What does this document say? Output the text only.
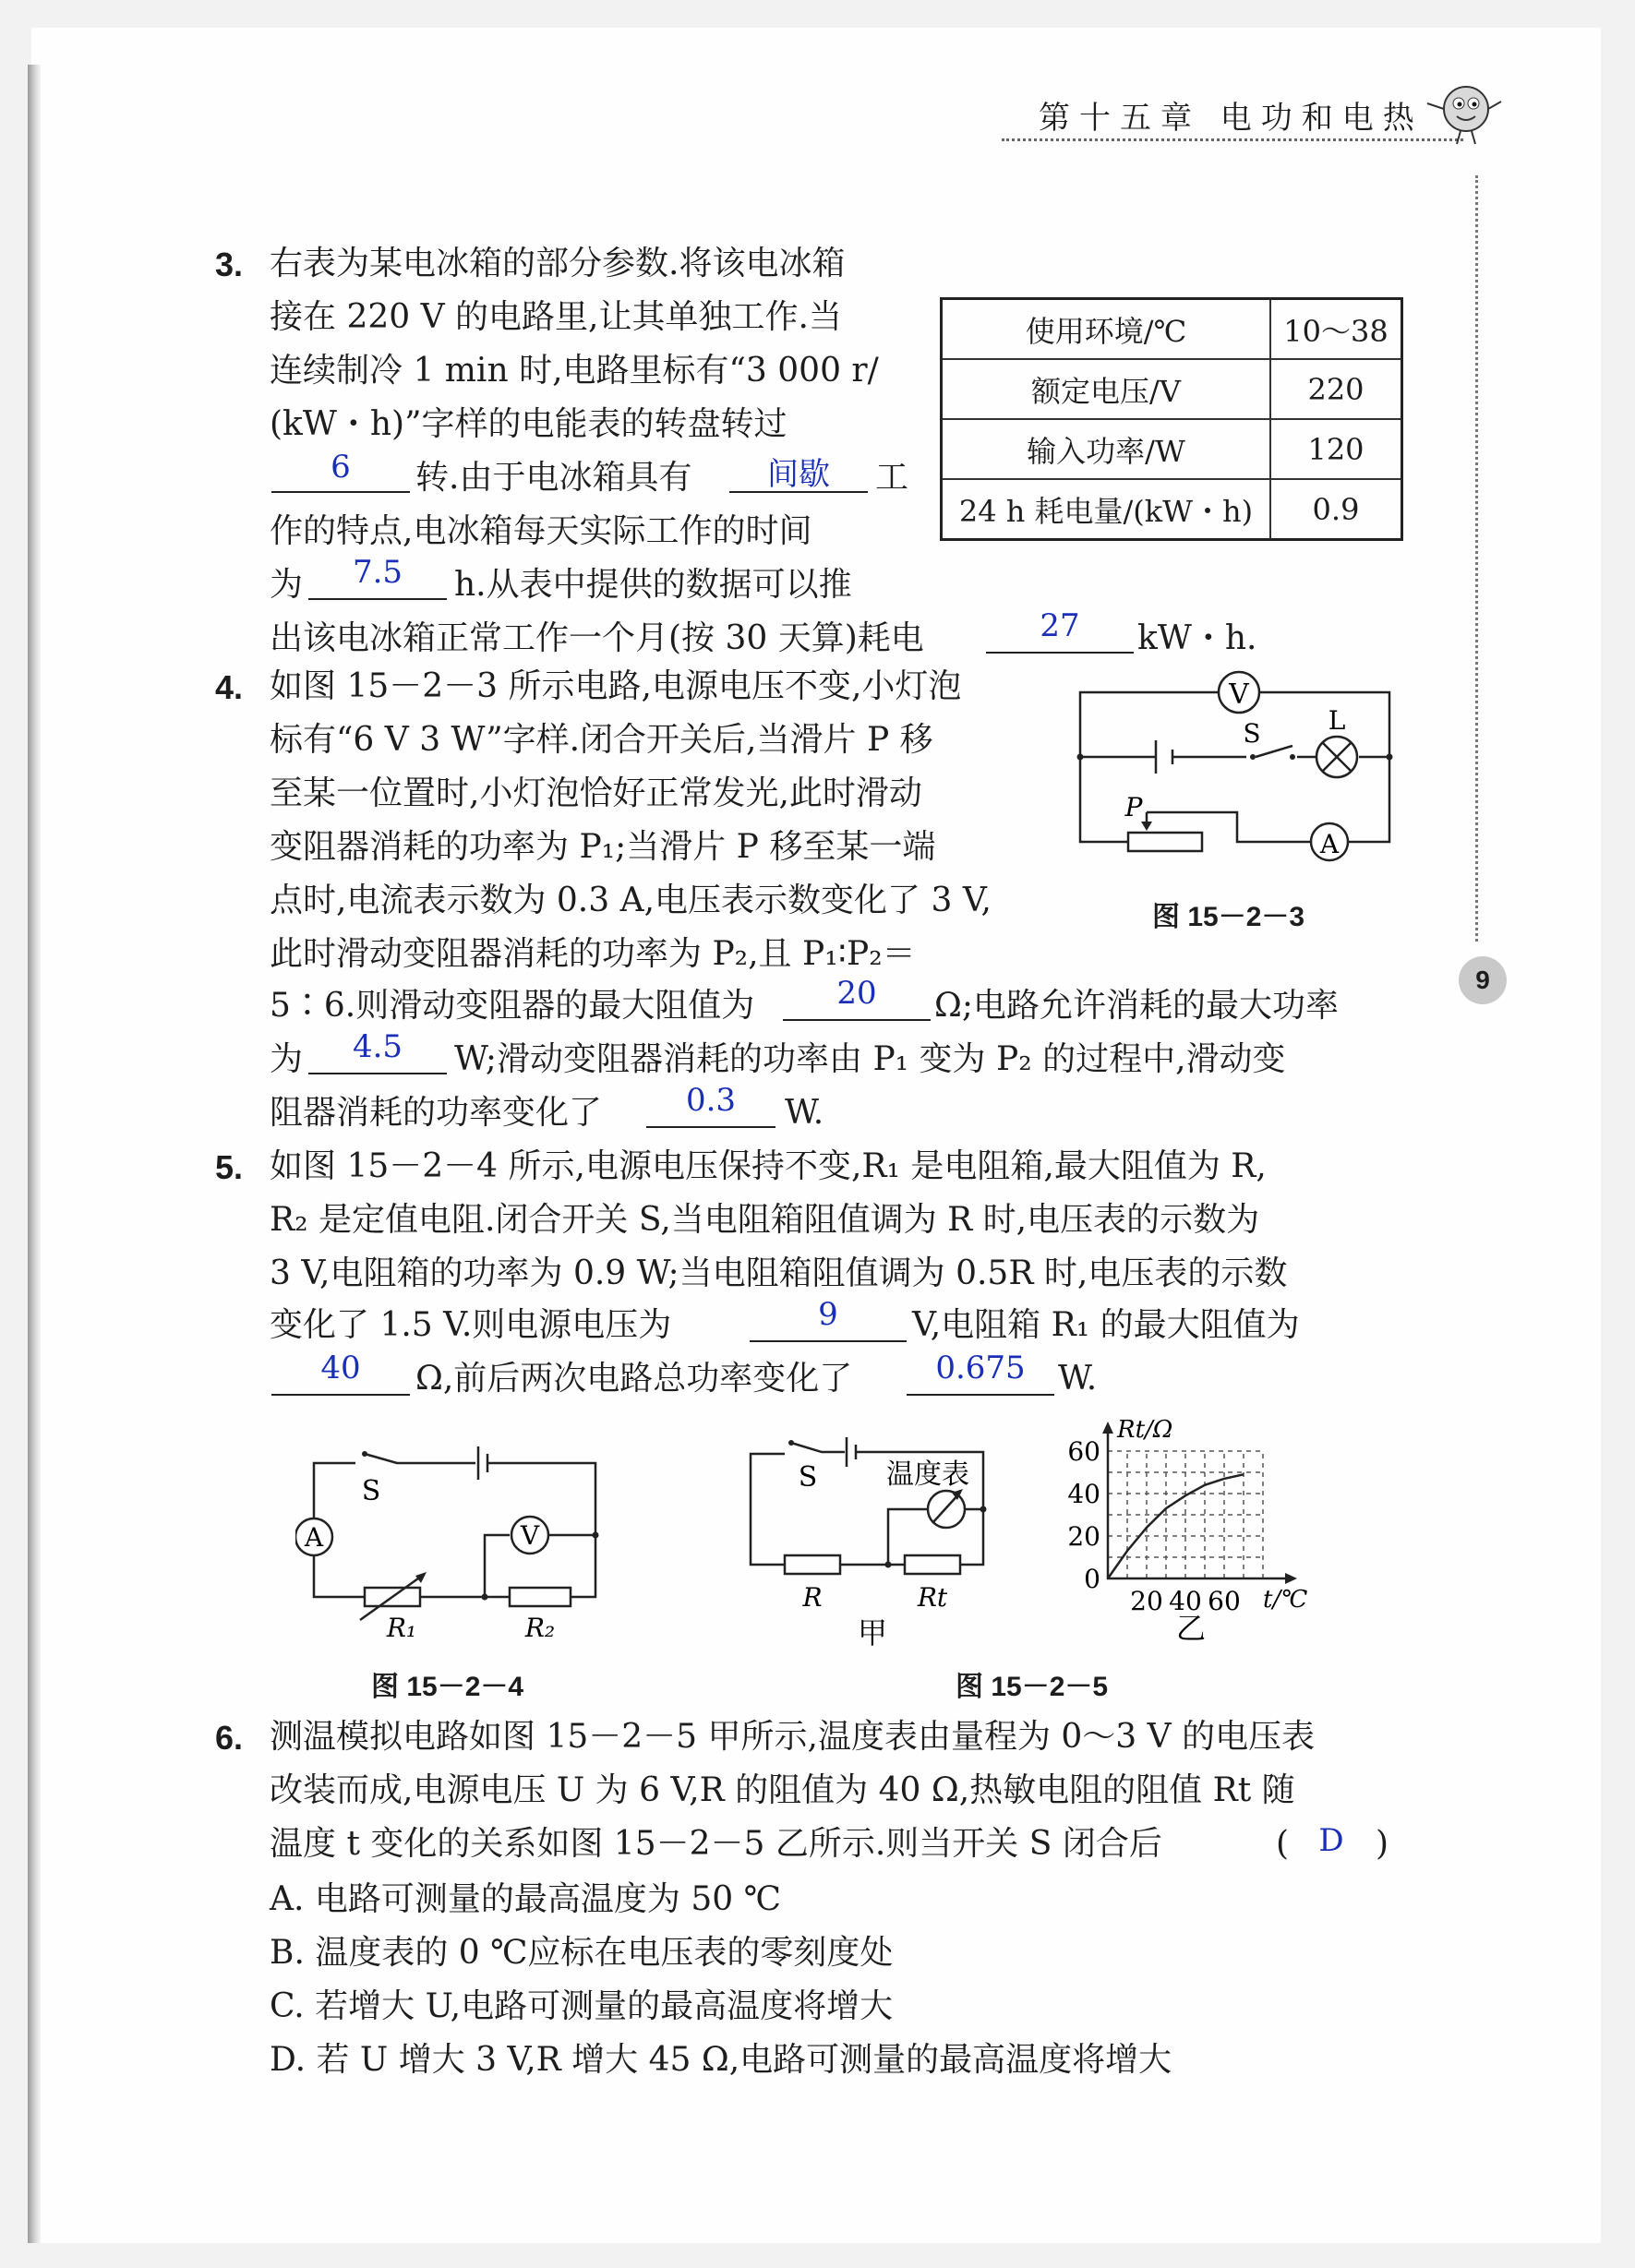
第十五章 电功和电热
9
3. 右表为某电冰箱的部分参数.将该电冰箱
接在 220 V 的电路里,让其单独工作.当
连续制冷 1 min 时,电路里标有“3 000 r/
(kW・h)”字样的电能表的转盘转过
6	转.由于电冰箱具有	间歇	工
作的特点,电冰箱每天实际工作的时间
为	7.5	h.从表中提供的数据可以推
出该电冰箱正常工作一个月(按 30 天算)耗电	27	kW・h.
使用环境/℃	10～38
额定电压/V	220
输入功率/W	120
24 h 耗电量/(kW・h)	0.9
4. 如图 15－2－3 所示电路,电源电压不变,小灯泡
标有“6 V 3 W”字样.闭合开关后,当滑片 P 移
至某一位置时,小灯泡恰好正常发光,此时滑动
变阻器消耗的功率为 P₁;当滑片 P 移至某一端
点时,电流表示数为 0.3 A,电压表示数变化了 3 V,
此时滑动变阻器消耗的功率为 P₂,且 P₁∶P₂＝
5∶6.则滑动变阻器的最大阻值为	20	Ω;电路允许消耗的最大功率
为	4.5	W;滑动变阻器消耗的功率由 P₁ 变为 P₂ 的过程中,滑动变
阻器消耗的功率变化了	0.3	W.
V
A
S	L
P
图 15－2－3
5. 如图 15－2－4 所示,电源电压保持不变,R₁ 是电阻箱,最大阻值为 R,
R₂ 是定值电阻.闭合开关 S,当电阻箱阻值调为 R 时,电压表的示数为
3 V,电阻箱的功率为 0.9 W;当电阻箱阻值调为 0.5R 时,电压表的示数
变化了 1.5 V.则电源电压为	9	V,电阻箱 R₁ 的最大阻值为
40	Ω,前后两次电路总功率变化了	0.675 W.
A	V
S
R₁	R₂
图 15－2－4
S 温度表
R	Rt
甲
Rt/Ω
t/℃
60
40
20
0
20 40 60
乙
图 15－2－5
6. 测温模拟电路如图 15－2－5 甲所示,温度表由量程为 0～3 V 的电压表
改装而成,电源电压 U 为 6 V,R 的阻值为 40 Ω,热敏电阻的阻值 Rt 随
温度 t 变化的关系如图 15－2－5 乙所示.则当开关 S 闭合后	( D )
A. 电路可测量的最高温度为 50 ℃
B. 温度表的 0 ℃应标在电压表的零刻度处
C. 若增大 U,电路可测量的最高温度将增大
D. 若 U 增大 3 V,R 增大 45 Ω,电路可测量的最高温度将增大
